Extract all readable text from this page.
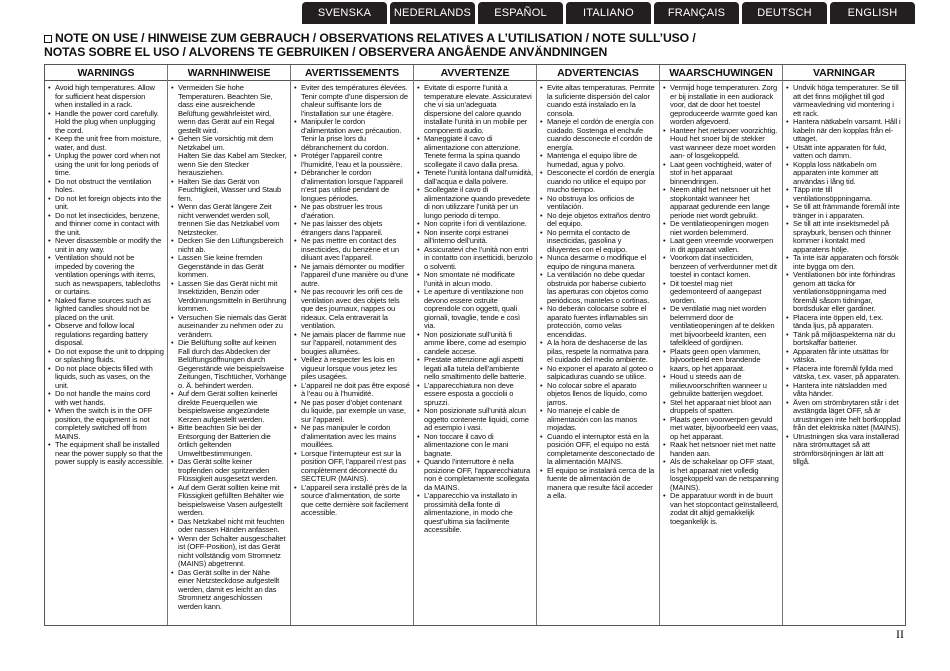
SVENSKA	NEDERLANDS	ESPAÑOL	ITALIANO	FRANÇAIS	DEUTSCH	ENGLISH
NOTE ON USE / HINWEISE ZUM GEBRAUCH / OBSERVATIONS RELATIVES A L’UTILISATION / NOTE SULL’USO /
NOTAS SOBRE EL USO / ALVORENS TE GEBRUIKEN / OBSERVERA ANGÅENDE ANVÄNDNINGEN
WARNINGS
• Avoid high temperatures. Allow for sufficient heat dispersion when installed in a rack.
• Handle the power cord carefully. Hold the plug when unplugging the cord.
• Keep the unit free from moisture, water, and dust.
• Unplug the power cord when not using the unit for long periods of time.
• Do not obstruct the ventilation holes.
• Do not let foreign objects into the unit.
• Do not let insecticides, benzene, and thinner come in contact with the unit.
• Never disassemble or modify the unit in any way.
• Ventilation should not be impeded by covering the ventilation openings with items, such as newspapers, tablecloths or curtains.
• Naked flame sources such as lighted candles should not be placed on the unit.
• Observe and follow local regulations regarding battery disposal.
• Do not expose the unit to dripping or splashing fluids.
• Do not place objects filled with liquids, such as vases, on the unit.
• Do not handle the mains cord with wet hands.
• When the switch is in the OFF position, the equipment is not completely switched off from MAINS.
• The equipment shall be installed near the power supply so that the power supply is easily accessible.
WARNHINWEISE
• Vermeiden Sie hohe Temperaturen. Beachten Sie, dass eine ausreichende Belüftung gewährleistet wird, wenn das Gerät auf ein Regal gestellt wird.
• Gehen Sie vorsichtig mit dem Netzkabel um.
Halten Sie das Kabel am Stecker, wenn Sie den Stecker herausziehen.
• Halten Sie das Gerät von Feuchtigkeit, Wasser und Staub fern.
• Wenn das Gerät längere Zeit nicht verwendet werden soll, trennen Sie das Netzkabel vom Netzstecker.
• Decken Sie den Lüftungsbereich nicht ab.
• Lassen Sie keine fremden Gegenstände in das Gerät kommen.
• Lassen Sie das Gerät nicht mit Insektiziden, Benzin oder Verdünnungsmitteln in Berührung kommen.
• Versuchen Sie niemals das Gerät auseinander zu nehmen oder zu verändern.
• Die Belüftung sollte auf keinen Fall durch das Abdecken der Belüftungsöffnungen durch Gegenstände wie beispielsweise Zeitungen, Tischtücher, Vorhänge o. Ä. behindert werden.
• Auf dem Gerät sollten keinerlei direkte Feuerquellen wie beispielsweise angezündete Kerzen aufgestellt werden.
• Bitte beachten Sie bei der Entsorgung der Batterien die örtlich geltenden Umweltbestimmungen.
• Das Gerät sollte keiner tropfenden oder spritzenden Flüssigkeit ausgesetzt werden.
• Auf dem Gerät sollten keine mit Flüssigkeit gefüllten Behälter wie beispielsweise Vasen aufgestellt werden.
• Das Netzkabel nicht mit feuchten oder nassen Händen anfassen.
• Wenn der Schalter ausgeschaltet ist (OFF-Position), ist das Gerät nicht vollständig vom Stromnetz (MAINS) abgetrennt.
• Das Gerät sollte in der Nähe einer Netzsteckdose aufgestellt werden, damit es leicht an das Stromnetz angeschlossen werden kann.
AVERTISSEMENTS
• Eviter des températures élevées. Tenir compte d’une dispersion de chaleur suffisante lors de l’installation sur une étagère.
• Manipuler le cordon d’alimentation avec précaution. Tenir la prise lors du débranchement du cordon.
• Protéger l’appareil contre l’humidité, l’eau et la poussière.
• Débrancher le cordon d’alimentation lorsque l’appareil n’est pas utilisé pendant de longues périodes.
• Ne pas obstruer les trous d’aération.
• Ne pas laisser des objets étrangers dans l’appareil.
• Ne pas mettre en contact des insecticides, du benzène et un diluant avec l’appareil.
• Ne jamais démonter ou modifier l’appareil d’une manière ou d’une autre.
• Ne pas recouvrir les orifi ces de ventilation avec des objets tels que des journaux, nappes ou rideaux. Cela entraverait la ventilation.
• Ne jamais placer de flamme nue sur l’appareil, notamment des bougies allumées.
• Veillez à respecter les lois en vigueur lorsque vous jetez les piles usagées.
• L’appareil ne doit pas être exposé à l’eau ou à l’humidité.
• Ne pas poser d’objet contenant du liquide, par exemple un vase, sur l’appareil.
• Ne pas manipuler le cordon d’alimentation avec les mains mouillées.
• Lorsque l’interrupteur est sur la position OFF, l’appareil n’est pas complètement déconnecté du SECTEUR (MAINS).
• L’appareil sera installé près de la source d’alimentation, de sorte que cette dernière soit facilement accessible.
AVVERTENZE
• Evitate di esporre l’unità a temperature elevate. Assicuratevi che vi sia un’adeguata dispersione del calore quando installate l’unità in un mobile per componenti audio.
• Maneggiate il cavo di alimentazione con attenzione. Tenete ferma la spina quando scollegate il cavo dalla presa.
• Tenete l’unità lontana dall’umidità, dall’acqua e dalla polvere.
• Scollegate il cavo di alimentazione quando prevedete di non utilizzare l’unità per un lungo periodo di tempo.
• Non coprite i fori di ventilazione.
• Non inserite corpi estranei all’interno dell’unità.
• Assicuratevi che l’unità non entri in contatto con insetticidi, benzolo o solventi.
• Non smontate né modificate l’unità in alcun modo.
• Le aperture di ventilazione non devono essere ostruite coprendole con oggetti, quali giornali, tovaglie, tende e così via.
• Non posizionate sull’unità fi amme libere, come ad esempio candele accese.
• Prestate attenzione agli aspetti legati alla tutela dell’ambiente nello smaltimento delle batterie.
• L’apparecchiatura non deve essere esposta a gocciolii o spruzzi.
• Non posizionate sull’unità alcun oggetto contenente liquidi, come ad esempio i vasi.
• Non toccare il cavo di alimentazione con le mani bagnate.
• Quando l’interruttore è nella posizione OFF, l’apparecchiatura non è completamente scollegata da MAINS.
• L’apparecchio va installato in prossimità della fonte di alimentazione, in modo che quest’ultima sia facilmente accessibile.
ADVERTENCIAS
• Evite altas temperaturas. Permite la suficiente dispersión del calor cuando está instalado en la consola.
• Maneje el cordón de energía con cuidado. Sostenga el enchufe cuando desconecte el cordón de energía.
• Mantenga el equipo libre de humedad, agua y polvo.
• Desconecte el cordón de energía cuando no utilice el equipo por mucho tiempo.
• No obstruya los orificios de ventilación.
• No deje objetos extraños dentro del equipo.
• No permita el contacto de insecticidas, gasolina y diluyentes con el equipo.
• Nunca desarme o modifique el equipo de ninguna manera.
• La ventilación no debe quedar obstruida por haberse cubierto las aperturas con objetos como periódicos, manteles o cortinas.
• No deberán colocarse sobre el aparato fuentes inflamables sin protección, como velas encendidas.
• A la hora de deshacerse de las pilas, respete la normativa para el cuidado del medio ambiente.
• No exponer el aparato al goteo o salpicaduras cuando se utilice.
• No colocar sobre el aparato objetos llenos de líquido, como jarros.
• No maneje el cable de alimentación con las manos mojadas.
• Cuando el interruptor está en la posición OFF, el equipo no está completamente desconectado de la alimentación MAINS.
• El equipo se instalará cerca de la fuente de alimentación de manera que resulte fácil acceder a ella.
WAARSCHUWINGEN
• Vermijd hoge temperaturen. Zorg er bij installatie in een audiorack voor, dat de door het toestel geproduceerde warmte goed kan worden afgevoerd.
• Hanteer het netsnoer voorzichtig. Houd het snoer bij de stekker vast wanneer deze moet worden aan- of losgekoppeld.
• Laat geen vochtigheid, water of stof in het apparaat binnendringen.
• Neem altijd het netsnoer uit het stopkontakt wanneer het apparaat gedurende een lange periode niet wordt gebruikt.
• De ventilatieopeningen mogen niet worden belemmerd.
• Laat geen vreemde voorwerpen in dit apparaat vallen.
• Voorkom dat insecticiden, benzeen of verfverdunner met dit toestel in contact komen.
• Dit toestel mag niet gedemonteerd of aangepast worden.
• De ventilatie mag niet worden belemmerd door de ventilatieopeningen af te dekken met bijvoorbeeld kranten, een tafelkleed of gordijnen.
• Plaats geen open vlammen, bijvoorbeeld een brandende kaars, op het apparaat.
• Houd u steeds aan de milieuvoorschriften wanneer u gebruikte batterijen wegdoet.
• Stel het apparaat niet bloot aan druppels of spatten.
• Plaats geen voorwerpen gevuld met water, bijvoorbeeld een vaas, op het apparaat.
• Raak het netsnoer niet met natte handen aan.
• Als de schakelaar op OFF staat, is het apparaat niet volledig losgekoppeld van de netspanning (MAINS).
• De apparatuur wordt in de buurt van het stopcontact geïnstalleerd, zodat dit altijd gemakkelijk toegankelijk is.
VARNINGAR
• Undvik höga temperaturer. Se till att det finns möjlighet till god värmeavledning vid montering i ett rack.
• Hantera nätkabeln varsamt. Håll i kabeln när den kopplas från el-uttaget.
• Utsätt inte apparaten för fukt, vatten och damm.
• Koppla loss nätkabeln om apparaten inte kommer att användas i lång tid.
• Täpp inte till ventilationsöppningarna.
• Se till att främmande föremål inte tränger in i apparaten.
• Se till att inte insektsmedel på sprayburk, bensen och thinner kommer i kontakt med apparatens hölje.
• Ta inte isär apparaten och försök inte bygga om den.
• Ventilationen bör inte förhindras genom att täcka för ventilationsöppningarna med föremål såsom tidningar, bordsdukar eller gardiner.
• Placera inte öppen eld, t.ex. tända ljus, på apparaten.
• Tänk på miljöaspekterna när du bortskaffar batterier.
• Apparaten får inte utsättas för vätska.
• Placera inte föremål fyllda med vätska, t.ex. vaser, på apparaten.
• Hantera inte nätsladden med våta händer.
• Även om strömbrytaren står i det avstängda läget OFF, så är utrustningen inte helt bortkopplad från det elektriska nätet (MAINS).
• Utrustningen ska vara installerad nära strömuttaget så att strömförsörjningen är lätt att tillgå.
II
